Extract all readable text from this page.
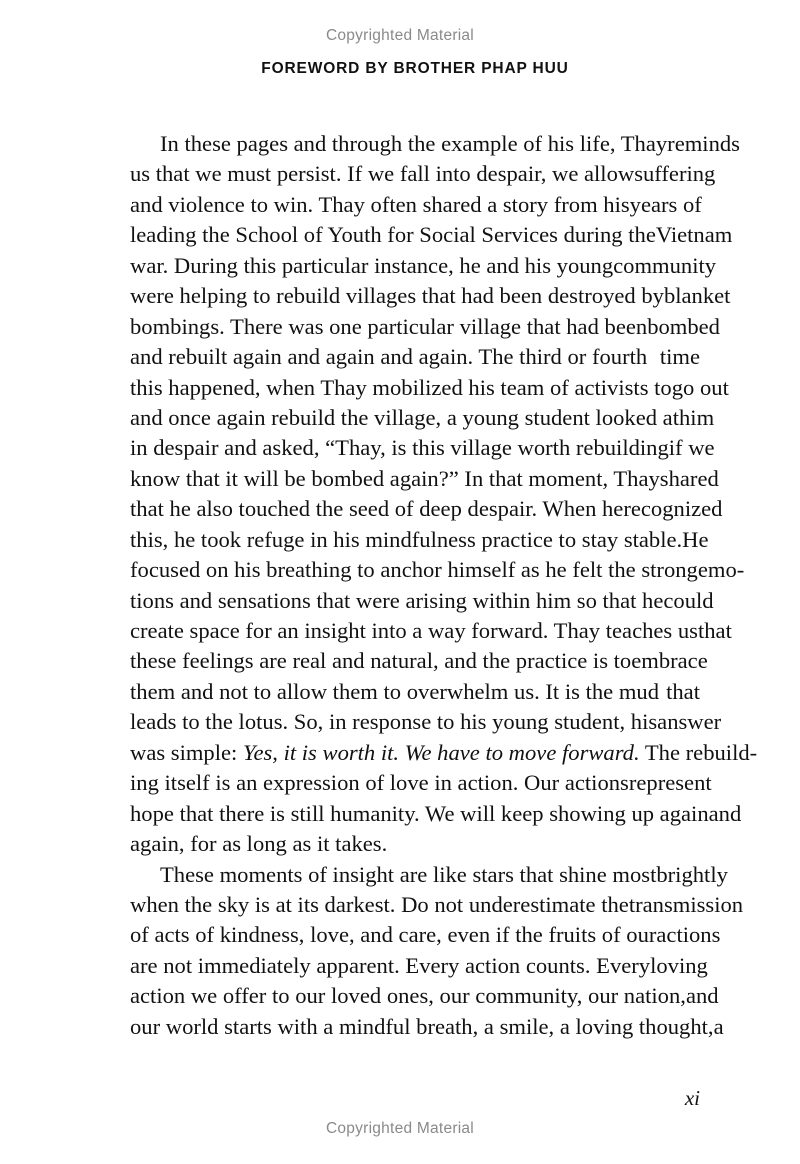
Copyrighted Material
FOREWORD BY BROTHER PHAP HUU
In these pages and through the example of his life, Thay reminds
us that we must persist. If we fall into despair, we allow suffering
and violence to win. Thay often shared a story from his years of
leading the School of Youth for Social Services during the Vietnam
war. During this particular instance, he and his young community
were helping to rebuild villages that had been destroyed by blanket
bombings. There was one particular village that had been bombed
and rebuilt again and again and again. The third or fourth time
this happened, when Thay mobilized his team of activists to go out
and once again rebuild the village, a young student looked at him
in despair and asked, “Thay, is this village worth rebuilding if we
know that it will be bombed again?” In that moment, Thay shared
that he also touched the seed of deep despair. When he recognized
this, he took refuge in his mindfulness practice to stay stable. He
focused on his breathing to anchor himself as he felt the strong emo-
tions and sensations that were arising within him so that he could
create space for an insight into a way forward. Thay teaches us that
these feelings are real and natural, and the practice is to embrace
them and not to allow them to overwhelm us. It is the mud that
leads to the lotus. So, in response to his young student, his answer
was simple: Yes, it is worth it. We have to move forward. The rebuild-
ing itself is an expression of love in action. Our actions represent
hope that there is still humanity. We will keep showing up again and
again, for as long as it takes.
These moments of insight are like stars that shine most brightly
when the sky is at its darkest. Do not underestimate the transmission
of acts of kindness, love, and care, even if the fruits of our actions
are not immediately apparent. Every action counts. Every loving
action we offer to our loved ones, our community, our nation, and
our world starts with a mindful breath, a smile, a loving thought, a
xi
Copyrighted Material
